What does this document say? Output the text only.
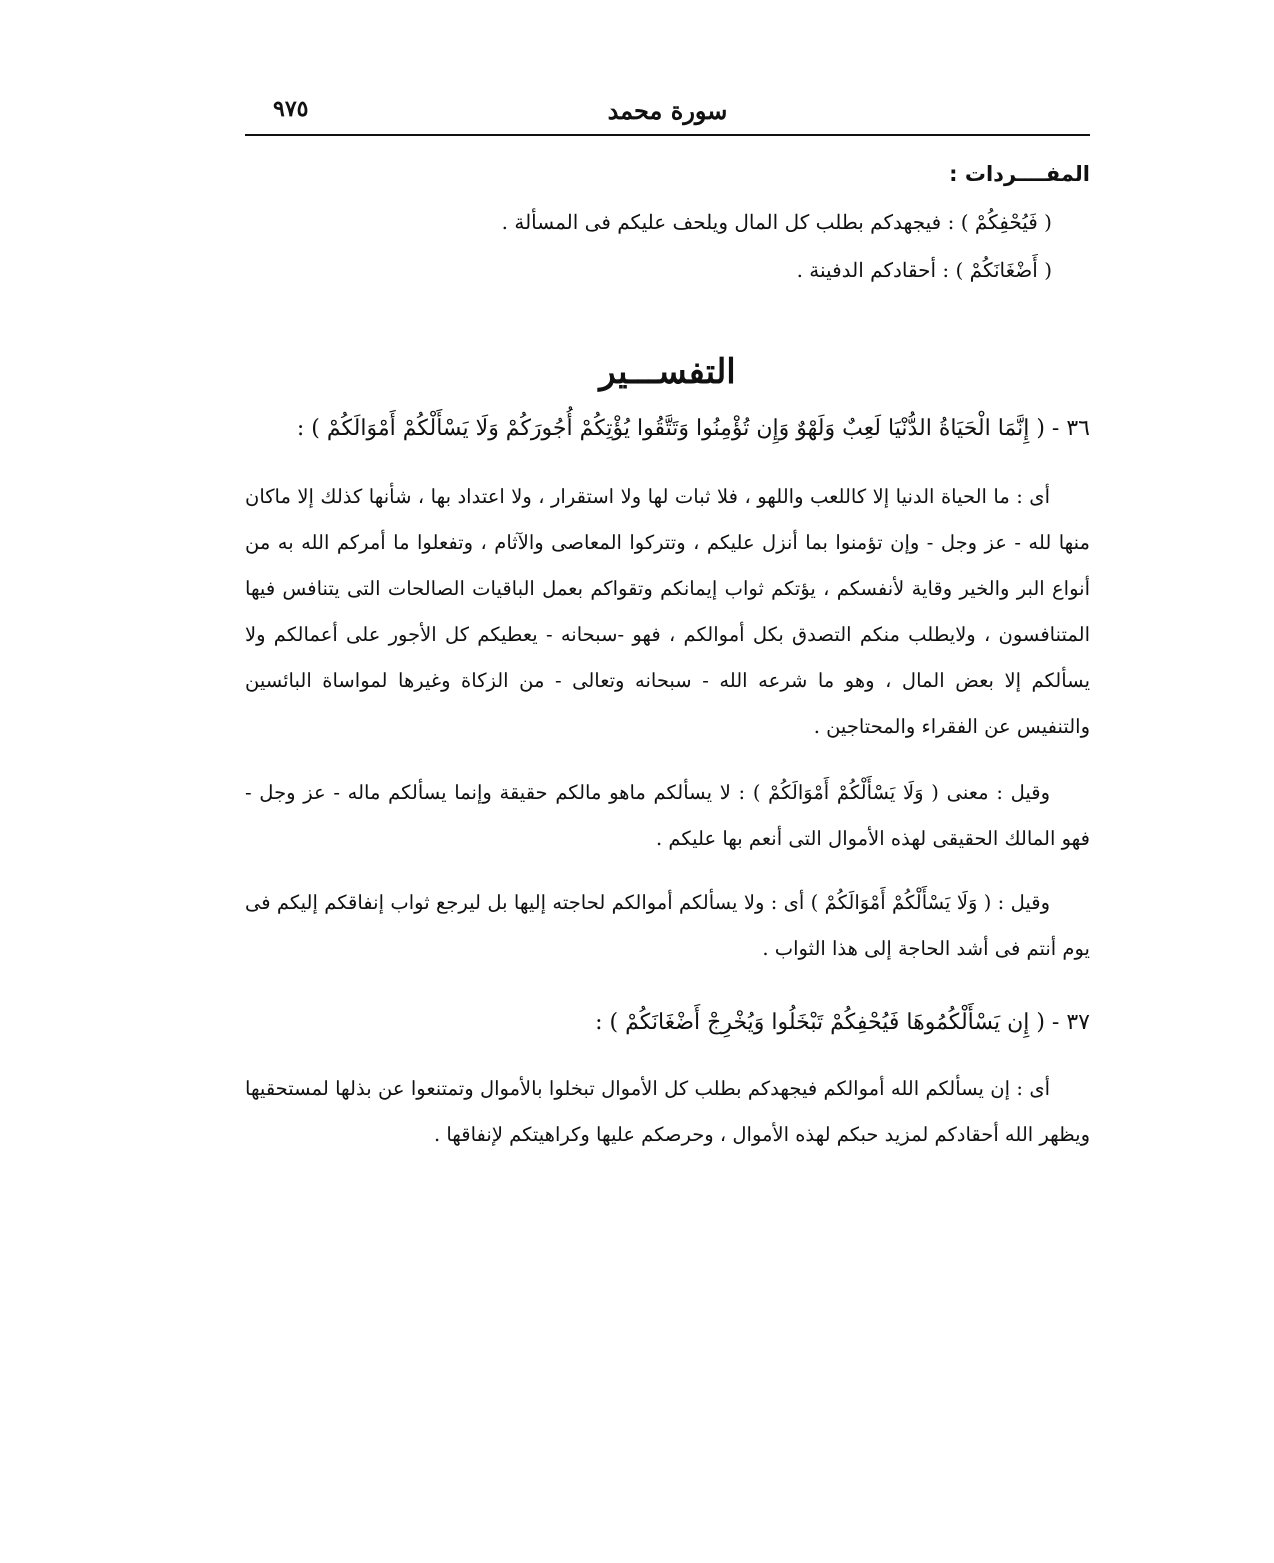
سورة محمد
٩٧٥
المفــــردات :
( فَيُحْفِكُمْ ) : فيجهدكم بطلب كل المال ويلحف عليكم فى المسألة .
( أَضْغَانَكُمْ ) : أحقادكم الدفينة .
التفســـير
٣٦ - ( إِنَّمَا الْحَيَاةُ الدُّنْيَا لَعِبٌ وَلَهْوٌ وَإِن تُؤْمِنُوا وَتَتَّقُوا يُؤْتِكُمْ أُجُورَكُمْ وَلَا يَسْأَلْكُمْ أَمْوَالَكُمْ ) :
أى : ما الحياة الدنيا إلا كاللعب واللهو ، فلا ثبات لها ولا استقرار ، ولا اعتداد بها ، شأنها كذلك إلا ماكان منها لله - عز وجل - وإن تؤمنوا بما أنزل عليكم ، وتتركوا المعاصى والآثام ، وتفعلوا ما أمركم الله به من أنواع البر والخير وقاية لأنفسكم ، يؤتكم ثواب إيمانكم وتقواكم بعمل الباقيات الصالحات التى يتنافس فيها المتنافسون ، ولايطلب منكم التصدق بكل أموالكم ، فهو -سبحانه - يعطيكم كل الأجور على أعمالكم ولا يسألكم إلا بعض المال ، وهو ما شرعه الله - سبحانه وتعالى - من الزكاة وغيرها لمواساة البائسين والتنفيس عن الفقراء والمحتاجين .
وقيل : معنى ( وَلَا يَسْأَلْكُمْ أَمْوَالَكُمْ ) : لا يسألكم ماهو مالكم حقيقة وإنما يسألكم ماله - عز وجل - فهو المالك الحقيقى لهذه الأموال التى أنعم بها عليكم .
وقيل : ( وَلَا يَسْأَلْكُمْ أَمْوَالَكُمْ ) أى : ولا يسألكم أموالكم لحاجته إليها بل ليرجع ثواب إنفاقكم إليكم فى يوم أنتم فى أشد الحاجة إلى هذا الثواب .
٣٧ - ( إِن يَسْأَلْكُمُوهَا فَيُحْفِكُمْ تَبْخَلُوا وَيُخْرِجْ أَضْغَانَكُمْ ) :
أى : إن يسألكم الله أموالكم فيجهدكم بطلب كل الأموال تبخلوا بالأموال وتمتنعوا عن بذلها لمستحقيها ويظهر الله أحقادكم لمزيد حبكم لهذه الأموال ، وحرصكم عليها وكراهيتكم لإنفاقها .
